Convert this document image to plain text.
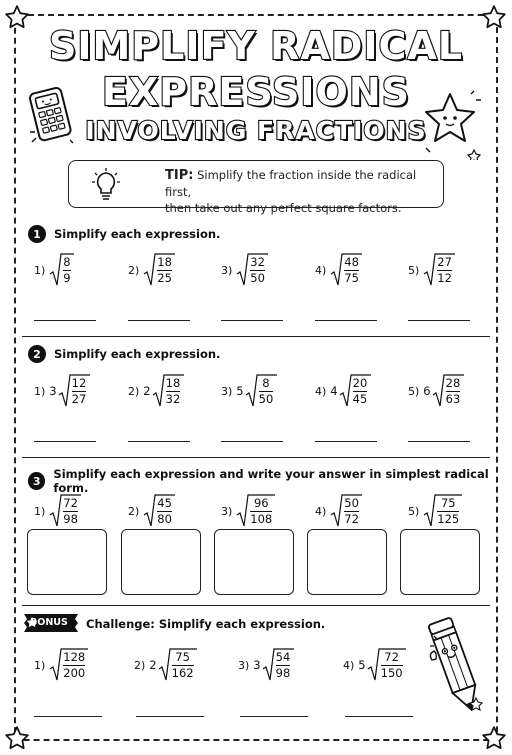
SIMPLIFY RADICAL
EXPRESSIONS
INVOLVING FRACTIONS
TIP: Simplify the fraction inside the radical first,
then take out any perfect square factors.
1	Simplify each expression.
$1) \frac{8}{9}$	$2) \frac{18}{25}$	$3) \frac{32}{50}$	$4) \frac{48}{75}$	$5) \frac{27}{12}$
2	Simplify each expression.
1) $3 \frac{12}{27}$	2) $2 \frac{18}{32}$	3) $5 \frac{8}{50}$	4) $4 \frac{20}{45}$	5) $6 \frac{28}{63}$
3	Simplify each expression and write your answer in simplest radical form.
$1) \frac{72}{98}$	$2) \frac{45}{80}$	$3) \frac{96}{108}$	$4) \frac{50}{72}$	$5) \frac{75}{125}$
BONUS Challenge: Simplify each expression.
$1) \frac{128}{200}$	2) $2 \frac{75}{162}$	3) $3 \frac{54}{98}$	4) $5 \frac{72}{150}$
